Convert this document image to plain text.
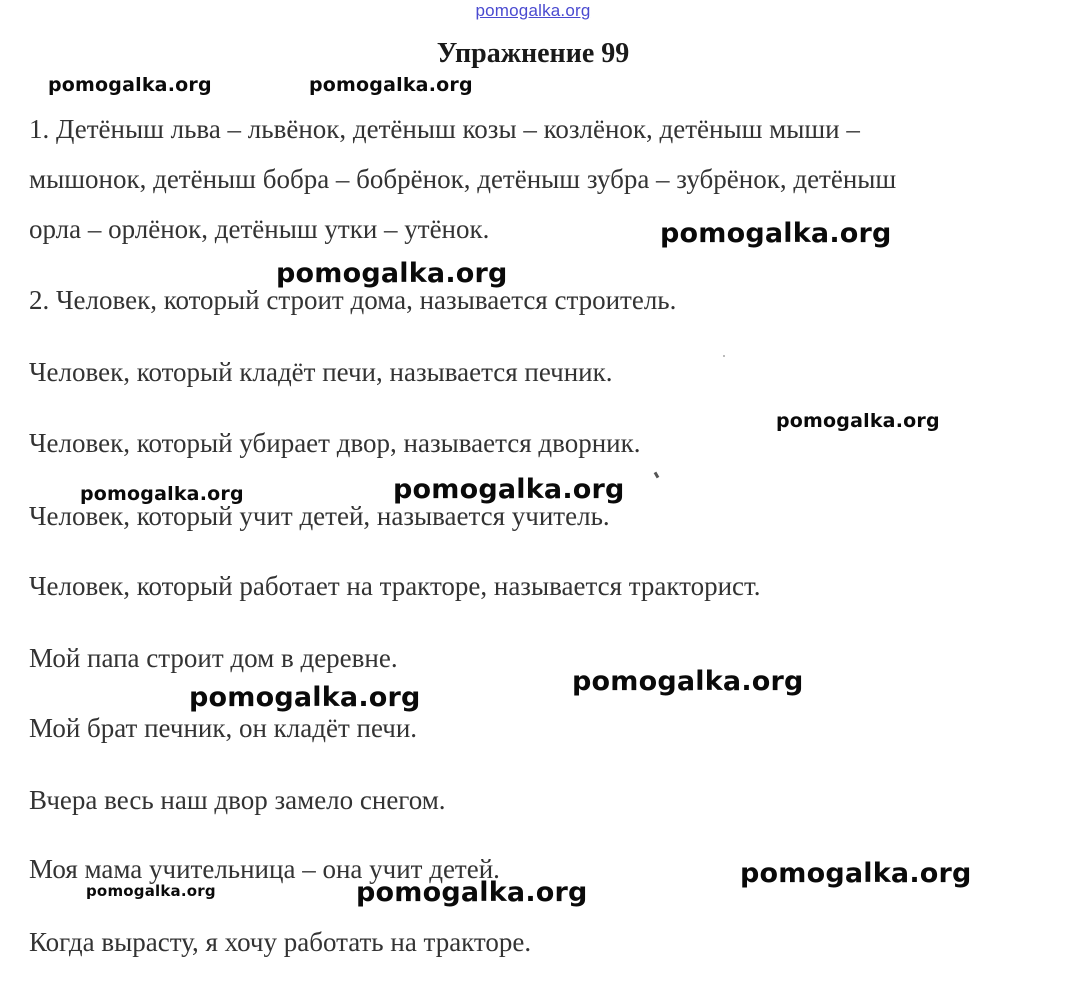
pomogalka.org
Упражнение 99
1. Детёныш льва – львёнок, детёныш козы – козлёнок, детёныш мыши –
мышонок, детёныш бобра – бобрёнок, детёныш зубра – зубрёнок, детёныш
орла – орлёнок, детёныш утки – утёнок.
2. Человек, который строит дома, называется строитель.
Человек, который кладёт печи, называется печник.
Человек, который убирает двор, называется дворник.
Человек, который учит детей, называется учитель.
Человек, который работает на тракторе, называется тракторист.
Мой папа строит дом в деревне.
Мой брат печник, он кладёт печи.
Вчера весь наш двор замело снегом.
Моя мама учительница – она учит детей.
Когда вырасту, я хочу работать на тракторе.
pomogalka.org	pomogalka.org
pomogalka.org
pomogalka.org
pomogalka.org
pomogalka.org	pomogalka.org
pomogalka.org
pomogalka.org
pomogalka.org
pomogalka.org	pomogalka.org
